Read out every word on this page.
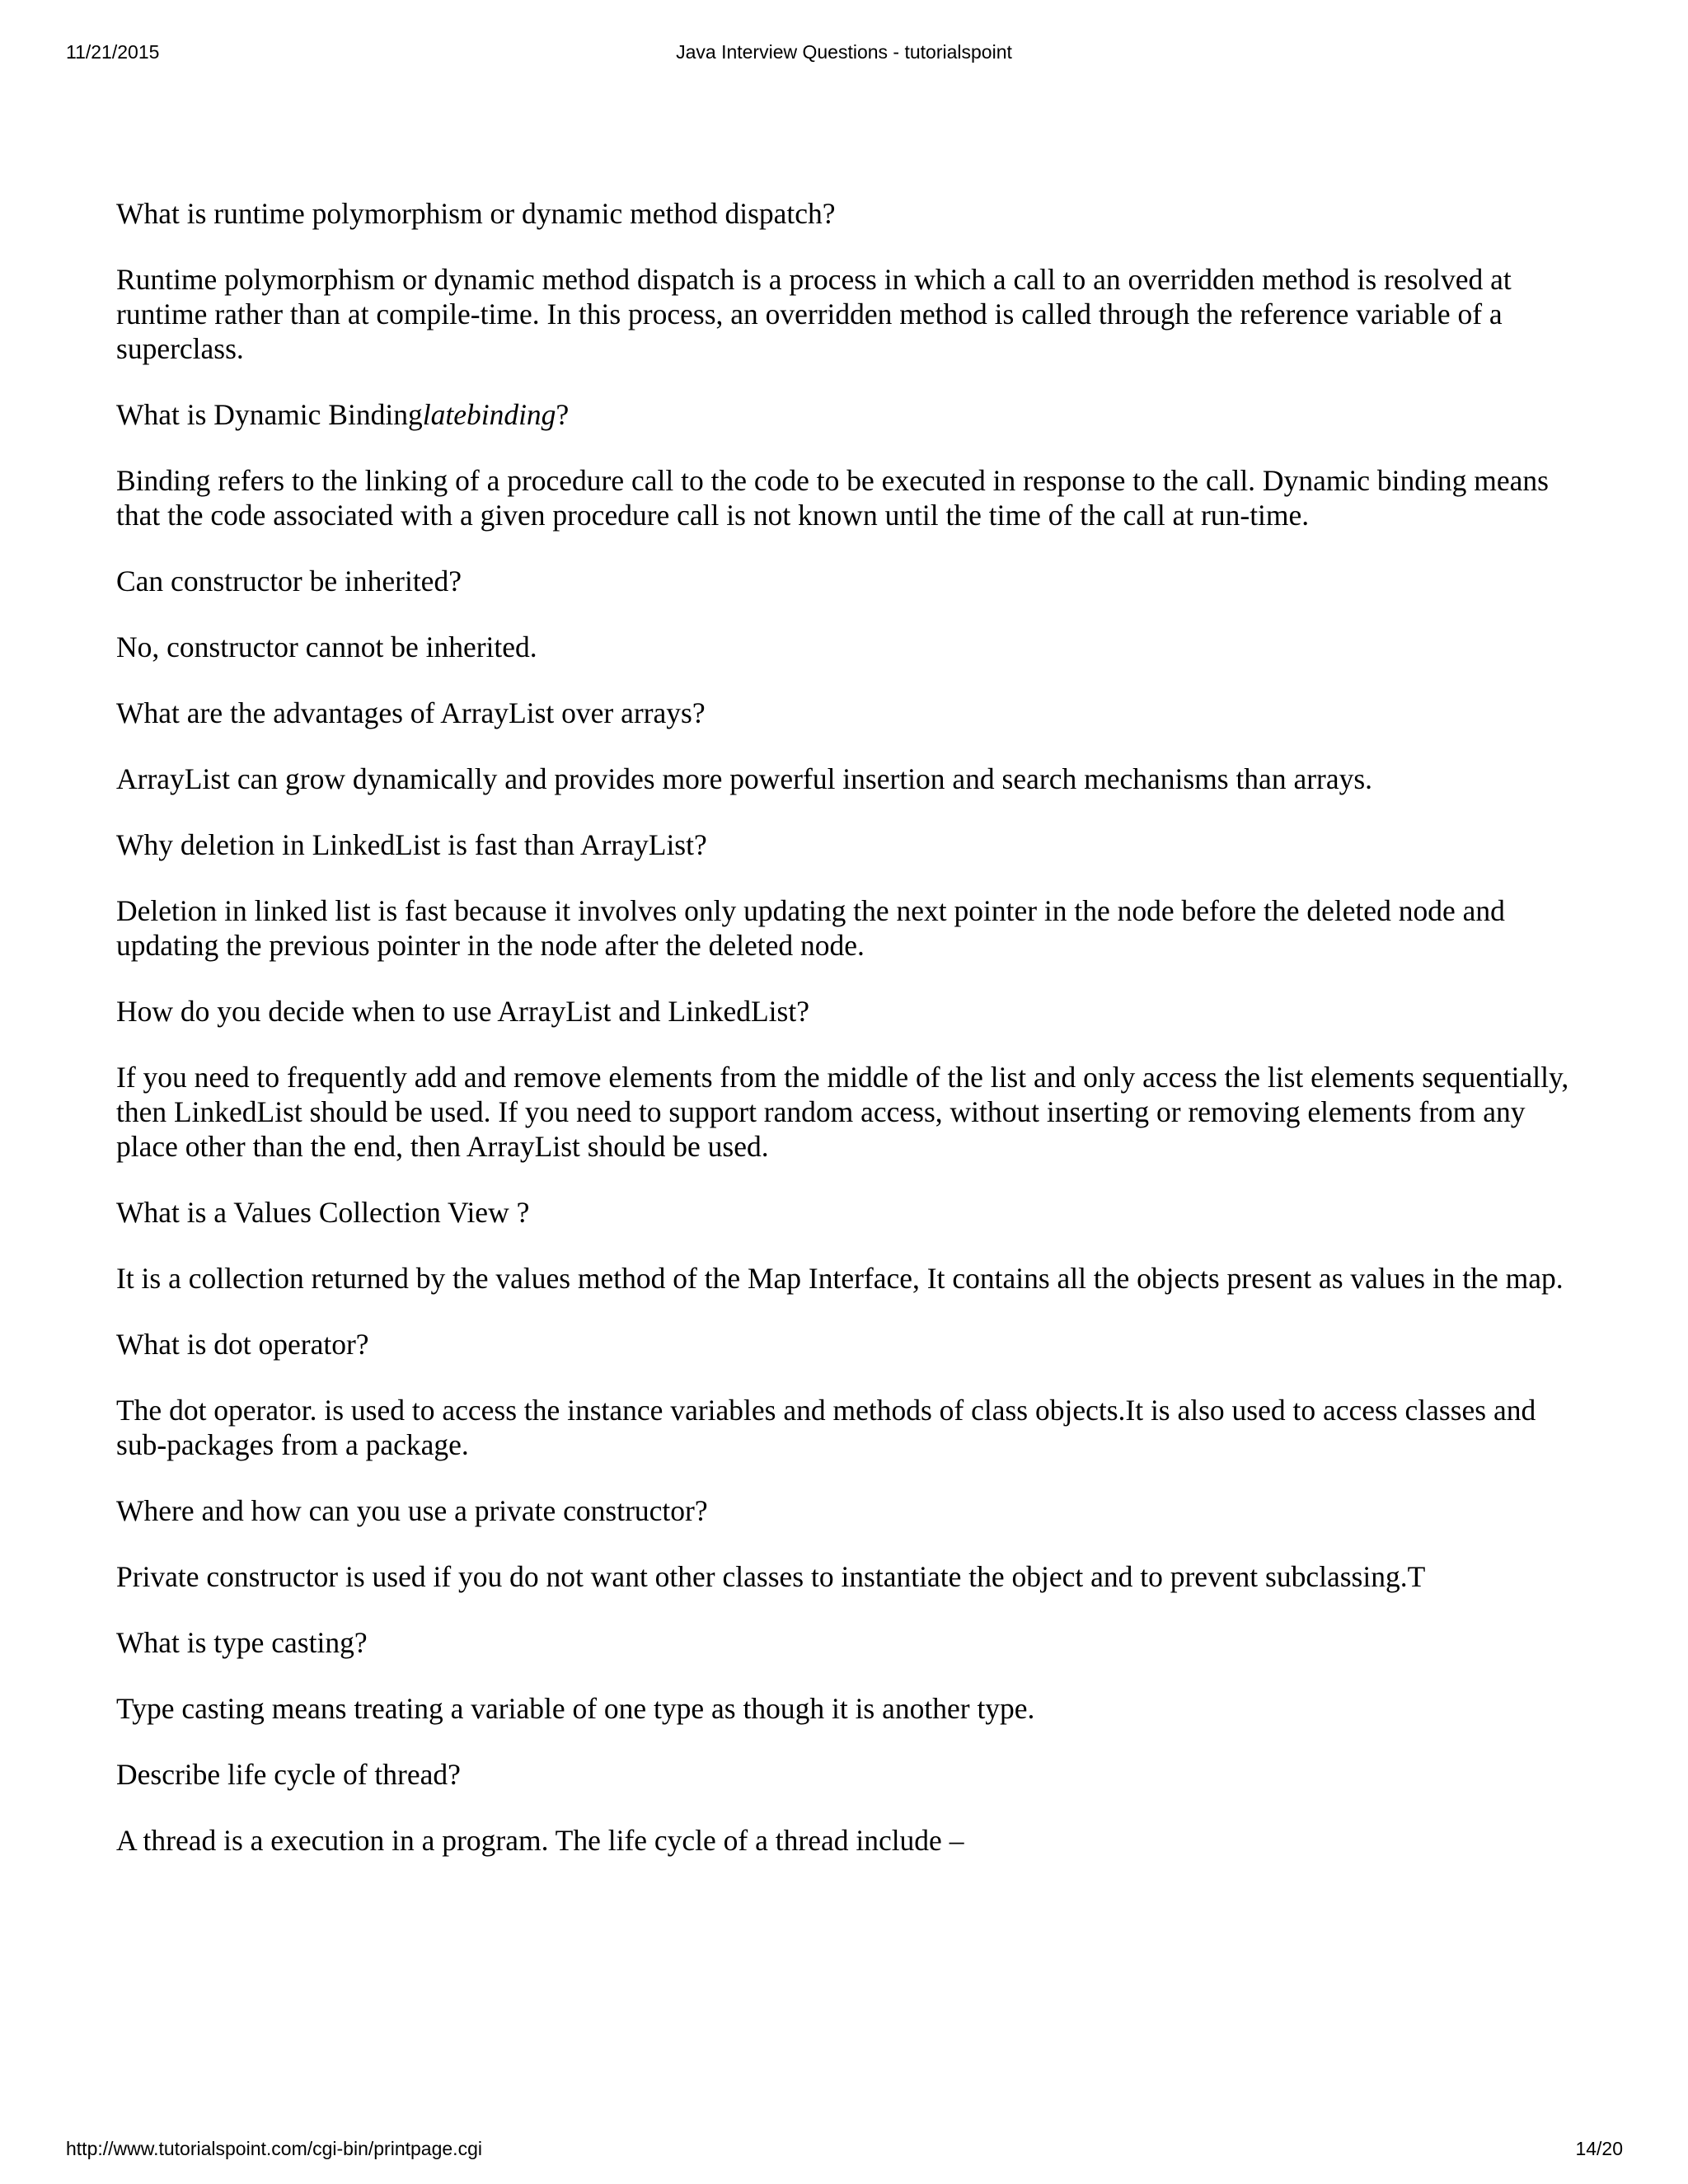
11/21/2015	Java Interview Questions - tutorialspoint

What is runtime polymorphism or dynamic method dispatch?

Runtime polymorphism or dynamic method dispatch is a process in which a call to an overridden method is resolved at runtime rather than at compile-time. In this process, an overridden method is called through the reference variable of a superclass.

What is Dynamic Bindinglatebinding?

Binding refers to the linking of a procedure call to the code to be executed in response to the call. Dynamic binding means that the code associated with a given procedure call is not known until the time of the call at run-time.

Can constructor be inherited?

No, constructor cannot be inherited.

What are the advantages of ArrayList over arrays?

ArrayList can grow dynamically and provides more powerful insertion and search mechanisms than arrays.

Why deletion in LinkedList is fast than ArrayList?

Deletion in linked list is fast because it involves only updating the next pointer in the node before the deleted node and updating the previous pointer in the node after the deleted node.

How do you decide when to use ArrayList and LinkedList?

If you need to frequently add and remove elements from the middle of the list and only access the list elements sequentially, then LinkedList should be used. If you need to support random access, without inserting or removing elements from any place other than the end, then ArrayList should be used.

What is a Values Collection View ?

It is a collection returned by the values method of the Map Interface, It contains all the objects present as values in the map.

What is dot operator?

The dot operator. is used to access the instance variables and methods of class objects.It is also used to access classes and sub-packages from a package.

Where and how can you use a private constructor?

Private constructor is used if you do not want other classes to instantiate the object and to prevent subclassing.T

What is type casting?

Type casting means treating a variable of one type as though it is another type.

Describe life cycle of thread?

A thread is a execution in a program. The life cycle of a thread include –

http://www.tutorialspoint.com/cgi-bin/printpage.cgi	14/20
